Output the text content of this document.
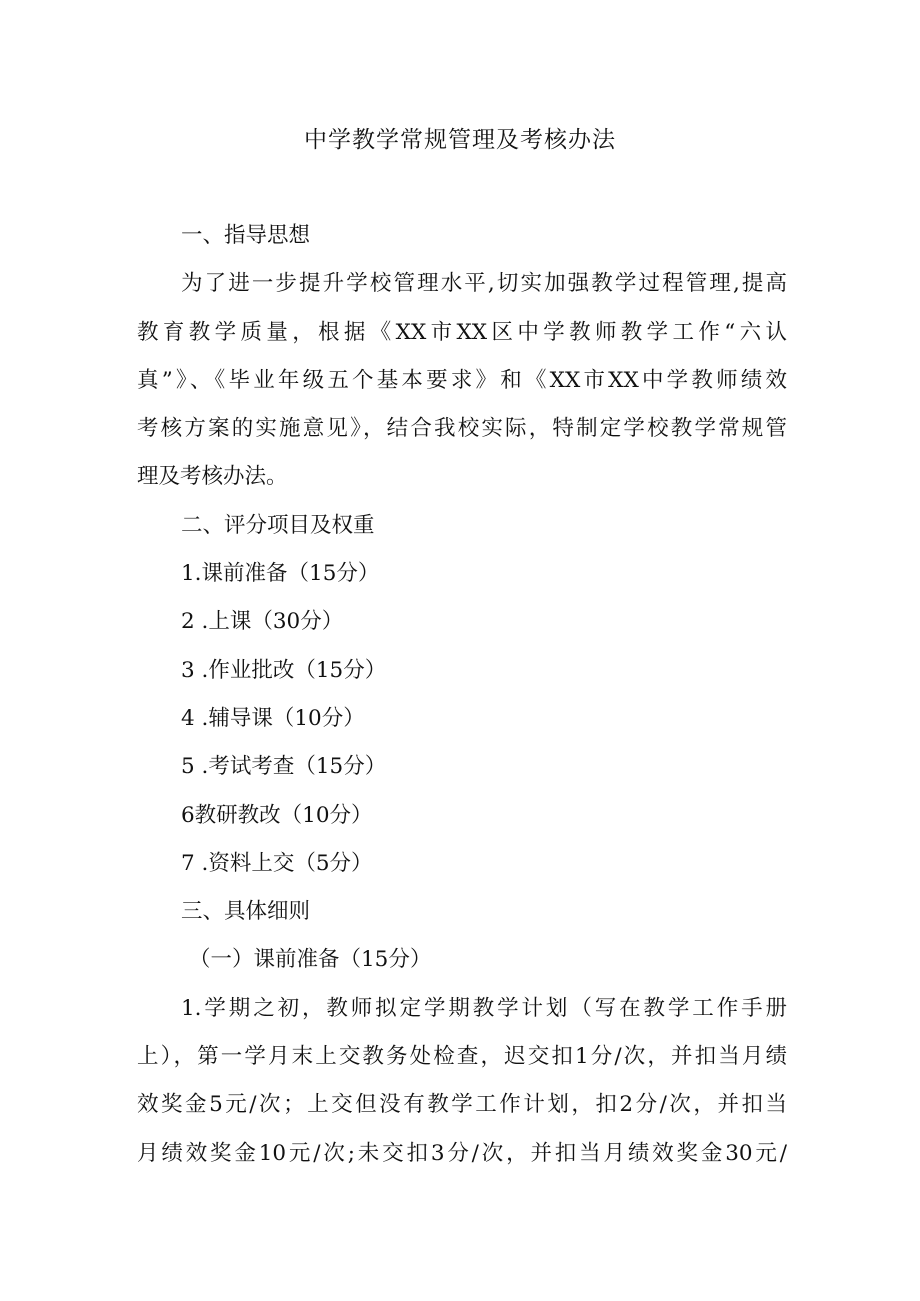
中学教学常规管理及考核办法

一、指导思想

为了进一步提升学校管理水平,切实加强教学过程管理,提高

教育教学质量，根据《XX市XX区中学教师教学工作“六认

真”》、《毕业年级五个基本要求》和《XX市XX中学教师绩效

考核方案的实施意见》，结合我校实际，特制定学校教学常规管

理及考核办法。

二、评分项目及权重

1.课前准备（15分）

2 .上课（30分）

3 .作业批改（15分）

4 .辅导课（10分）

5 .考试考查（15分）

6教研教改（10分）

7 .资料上交（5分）

三、具体细则

（一）课前准备（15分）

1.学期之初，教师拟定学期教学计划（写在教学工作手册

上），第一学月末上交教务处检查，迟交扣1分/次，并扣当月绩

效奖金5元/次；上交但没有教学工作计划，扣2分/次，并扣当

月绩效奖金10元/次;未交扣3分/次，并扣当月绩效奖金30元/
